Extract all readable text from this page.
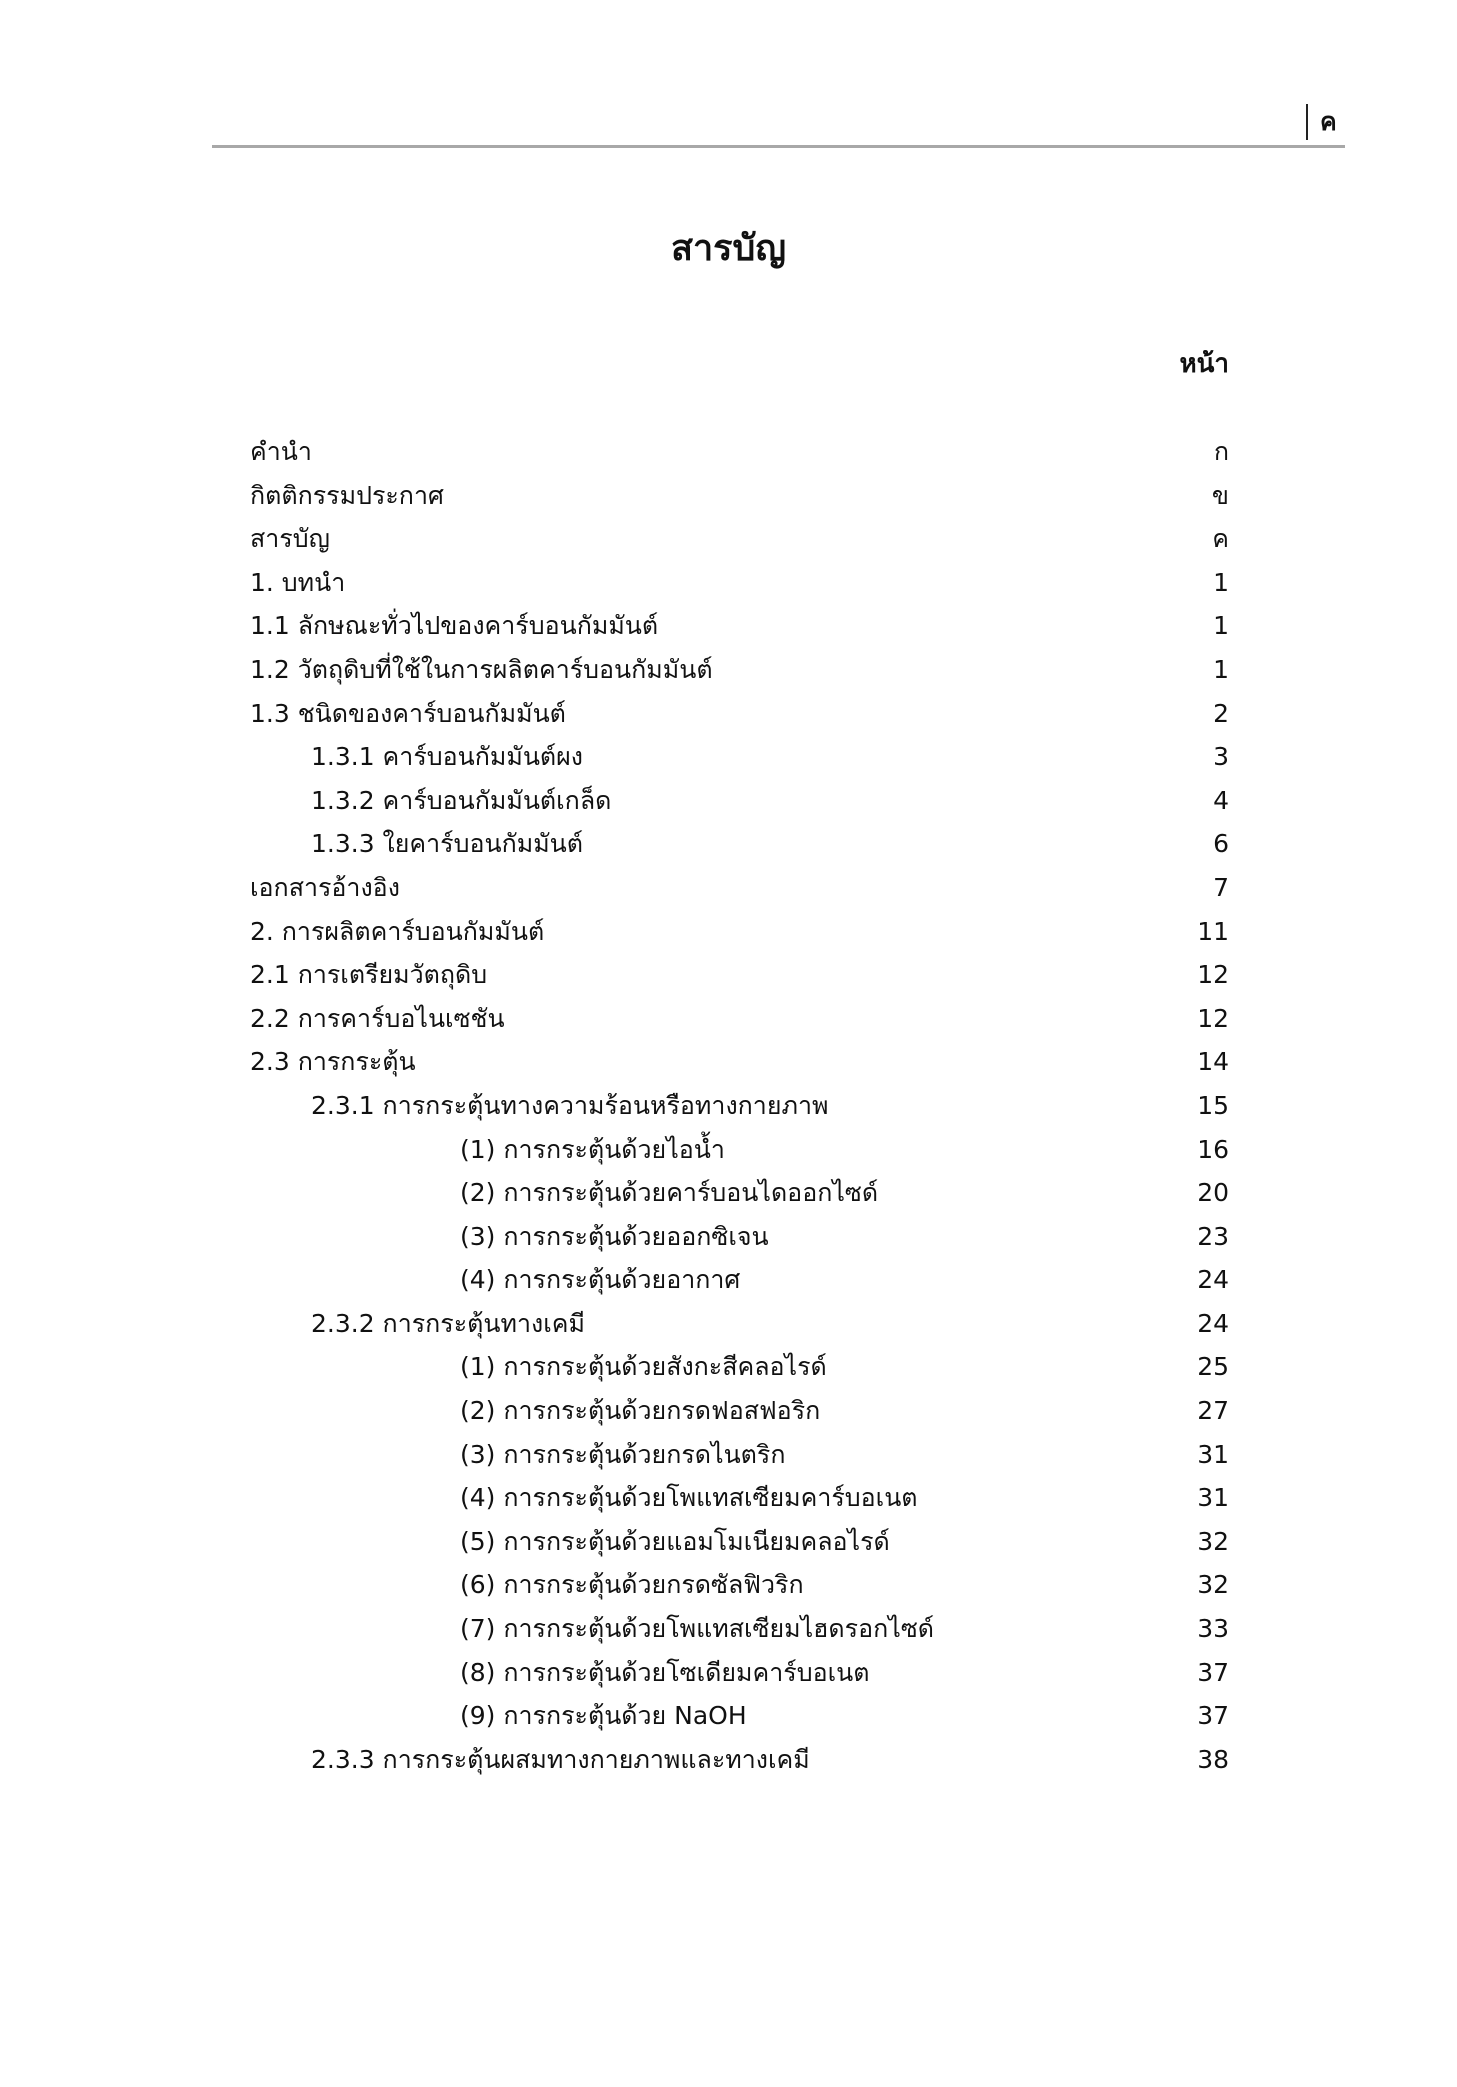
ค
สารบัญ
หน้า
คำนำ	ก
กิตติกรรมประกาศ	ข
สารบัญ	ค
1. บทนำ	1
1.1 ลักษณะทั่วไปของคาร์บอนกัมมันต์	1
1.2 วัตถุดิบที่ใช้ในการผลิตคาร์บอนกัมมันต์	1
1.3 ชนิดของคาร์บอนกัมมันต์	2
1.3.1 คาร์บอนกัมมันต์ผง	3
1.3.2 คาร์บอนกัมมันต์เกล็ด	4
1.3.3 ใยคาร์บอนกัมมันต์	6
เอกสารอ้างอิง	7
2. การผลิตคาร์บอนกัมมันต์	11
2.1 การเตรียมวัตถุดิบ	12
2.2 การคาร์บอไนเซชัน	12
2.3 การกระตุ้น	14
2.3.1 การกระตุ้นทางความร้อนหรือทางกายภาพ	15
(1) การกระตุ้นด้วยไอน้ำ	16
(2) การกระตุ้นด้วยคาร์บอนไดออกไซด์	20
(3) การกระตุ้นด้วยออกซิเจน	23
(4) การกระตุ้นด้วยอากาศ	24
2.3.2 การกระตุ้นทางเคมี	24
(1) การกระตุ้นด้วยสังกะสีคลอไรด์	25
(2) การกระตุ้นด้วยกรดฟอสฟอริก	27
(3) การกระตุ้นด้วยกรดไนตริก	31
(4) การกระตุ้นด้วยโพแทสเซียมคาร์บอเนต	31
(5) การกระตุ้นด้วยแอมโมเนียมคลอไรด์	32
(6) การกระตุ้นด้วยกรดซัลฟิวริก	32
(7) การกระตุ้นด้วยโพแทสเซียมไฮดรอกไซด์	33
(8) การกระตุ้นด้วยโซเดียมคาร์บอเนต	37
(9) การกระตุ้นด้วย NaOH	37
2.3.3 การกระตุ้นผสมทางกายภาพและทางเคมี	38
